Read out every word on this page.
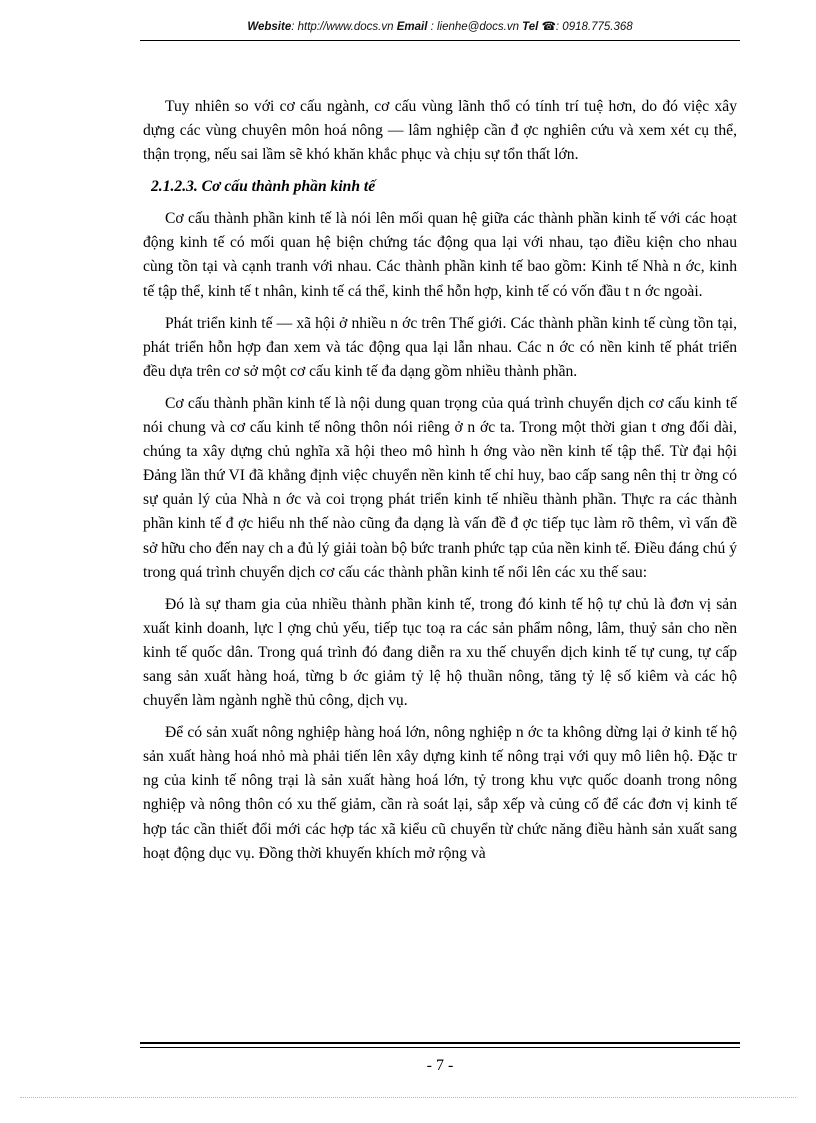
Website: http://www.docs.vn Email : lienhe@docs.vn Tel ☎: 0918.775.368

Tuy nhiên so với cơ cấu ngành, cơ cấu vùng lãnh thổ có tính trí tuệ hơn, do đó việc xây dựng các vùng chuyên môn hoá nông — lâm nghiệp cần đ ợc nghiên cứu và xem xét cụ thể, thận trọng, nếu sai lầm sẽ khó khăn khắc phục và chịu sự tổn thất lớn.

2.1.2.3. Cơ cấu thành phần kinh tế

Cơ cấu thành phần kinh tế là nói lên mối quan hệ giữa các thành phần kinh tế với các hoạt động kinh tế có mối quan hệ biện chứng tác động qua lại với nhau, tạo điều kiện cho nhau cùng tồn tại và cạnh tranh với nhau. Các thành phần kinh tế bao gồm: Kinh tế Nhà n ớc, kinh tế tập thể, kinh tế t nhân, kinh tế cá thể, kinh thể hỗn hợp, kinh tế có vốn đầu t n ớc ngoài.

Phát triển kinh tế — xã hội ở nhiều n ớc trên Thế giới. Các thành phần kinh tế cùng tồn tại, phát triển hỗn hợp đan xem và tác động qua lại lẫn nhau. Các n ớc có nền kinh tế phát triển đều dựa trên cơ sở một cơ cấu kinh tế đa dạng gồm nhiều thành phần.

Cơ cấu thành phần kinh tế là nội dung quan trọng của quá trình chuyển dịch cơ cấu kinh tế nói chung và cơ cấu kinh tế nông thôn nói riêng ở n ớc ta. Trong một thời gian t ơng đối dài, chúng ta xây dựng chủ nghĩa xã hội theo mô hình h ớng vào nền kinh tế tập thể. Từ đại hội Đảng lần thứ VI đã khẳng định việc chuyển nền kinh tế chỉ huy, bao cấp sang nên thị tr ờng có sự quản lý của Nhà n ớc và coi trọng phát triển kinh tế nhiều thành phần. Thực ra các thành phần kinh tế đ ợc hiểu nh thế nào cũng đa dạng là vấn đề đ ợc tiếp tục làm rõ thêm, vì vấn đề sở hữu cho đến nay ch a đủ lý giải toàn bộ bức tranh phức tạp của nền kinh tế. Điều đáng chú ý trong quá trình chuyển dịch cơ cấu các thành phần kinh tế nổi lên các xu thế sau:

Đó là sự tham gia của nhiều thành phần kinh tế, trong đó kinh tế hộ tự chủ là đơn vị sản xuất kinh doanh, lực l ợng chủ yếu, tiếp tục toạ ra các sản phẩm nông, lâm, thuỷ sản cho nền kinh tế quốc dân. Trong quá trình đó đang diễn ra xu thế chuyển dịch kinh tế tự cung, tự cấp sang sản xuất hàng hoá, từng b ớc giảm tỷ lệ hộ thuần nông, tăng tỷ lệ số kiêm và các hộ chuyển làm ngành nghề thủ công, dịch vụ.

Để có sản xuất nông nghiệp hàng hoá lớn, nông nghiệp n ớc ta không dừng lại ở kinh tế hộ sản xuất hàng hoá nhỏ mà phải tiến lên xây dựng kinh tế nông trại với quy mô liên hộ. Đặc tr ng của kinh tế nông trại là sản xuất hàng hoá lớn, tỷ trong khu vực quốc doanh trong nông nghiệp và nông thôn có xu thế giảm, cần rà soát lại, sắp xếp và củng cố để các đơn vị kinh tế hợp tác cần thiết đổi mới các hợp tác xã kiểu cũ chuyển từ chức năng điều hành sản xuất sang hoạt động dục vụ. Đồng thời khuyến khích mở rộng và

- 7 -
